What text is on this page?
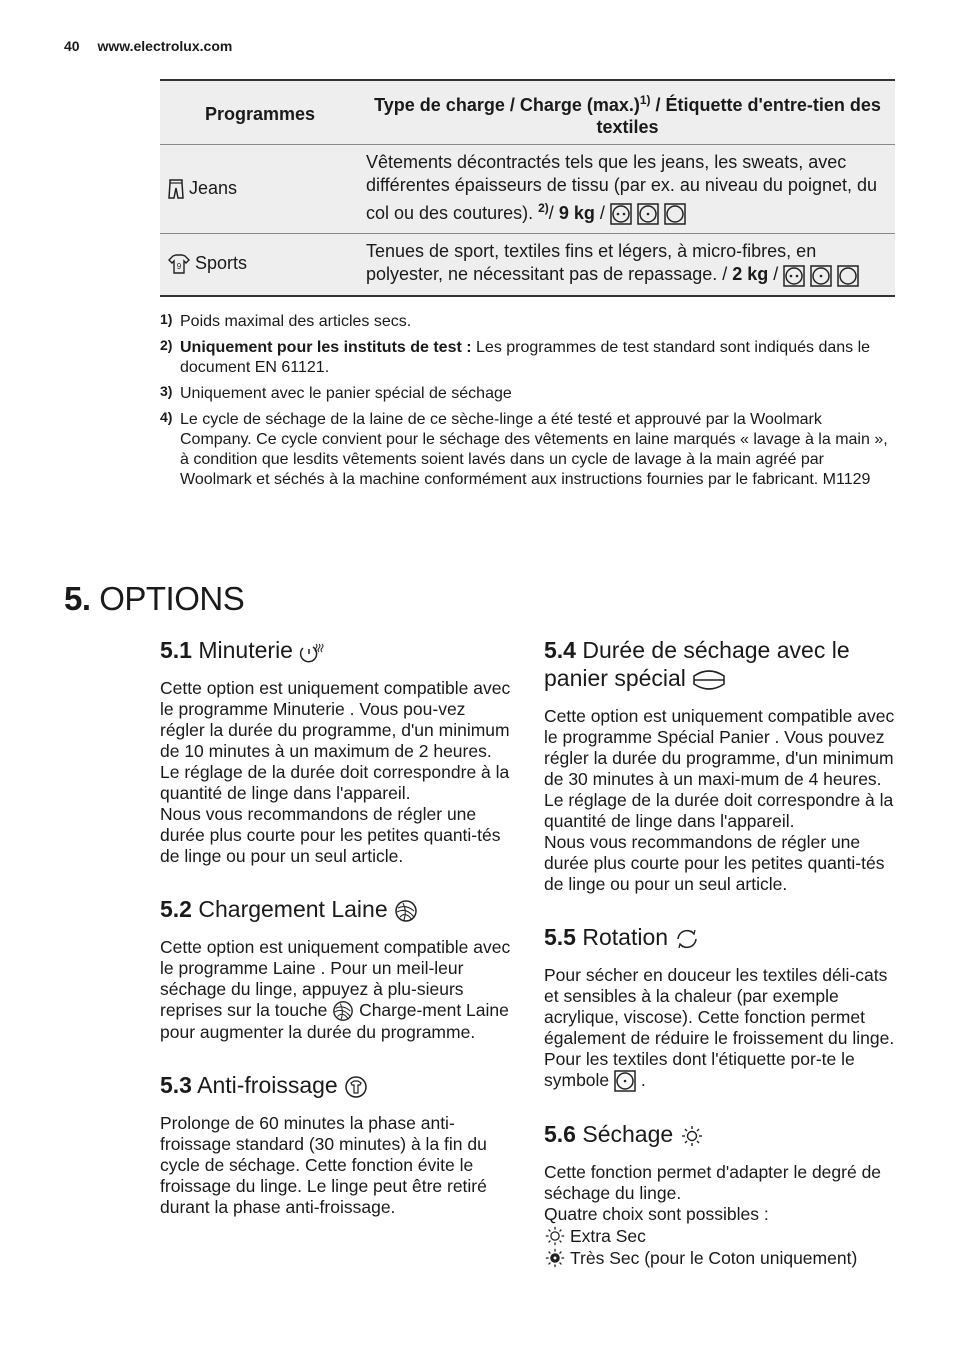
40 www.electrolux.com
Programmes	Type de charge / Charge $(\max.)^{1)}$ / Étiquette d'entre-tien des textiles

Jeans	Vêtements décontractés tels que les jeans, les sweats, avec différentes épaisseurs de tissu (par ex. au niveau du poignet, du col ou des coutures). $^{2)}$/ 9 kg /

9 Sports	Tenues de sport, textiles fins et légers, à micro-fibres, en polyester, ne nécessitant pas de repassage. / 2 kg /

1) Poids maximal des articles secs.
2) Uniquement pour les instituts de test : Les programmes de test standard sont indiqués dans le document EN 61121.
3) Uniquement avec le panier spécial de séchage
4) Le cycle de séchage de la laine de ce sèche-linge a été testé et approuvé par la Woolmark Company. Ce cycle convient pour le séchage des vêtements en laine marqués « lavage à la main », à condition que lesdits vêtements soient lavés dans un cycle de lavage à la main agréé par Woolmark et séchés à la machine conformément aux instructions fournies par le fabricant. M1129
5. OPTIONS
5.1 Minuterie

Cette option est uniquement compatible avec le programme Minuterie . Vous pou-vez régler la durée du programme, d'un minimum de 10 minutes à un maximum de 2 heures. Le réglage de la durée doit correspondre à la quantité de linge dans l'appareil.

Nous vous recommandons de régler une durée plus courte pour les petites quanti-tés de linge ou pour un seul article.

5.2 Chargement Laine

Cette option est uniquement compatible avec le programme Laine . Pour un meil-leur séchage du linge, appuyez à plu-sieurs reprises sur la touche Charge-ment Laine pour augmenter la durée du programme.

5.3 Anti-froissage

Prolonge de 60 minutes la phase anti-froissage standard (30 minutes) à la fin du cycle de séchage. Cette fonction évite le froissage du linge. Le linge peut être retiré durant la phase anti-froissage.

5.4 Durée de séchage avec le panier spécial

Cette option est uniquement compatible avec le programme Spécial Panier . Vous pouvez régler la durée du programme, d'un minimum de 30 minutes à un maxi-mum de 4 heures. Le réglage de la durée doit correspondre à la quantité de linge dans l'appareil.

Nous vous recommandons de régler une durée plus courte pour les petites quanti-tés de linge ou pour un seul article.

5.5 Rotation

Pour sécher en douceur les textiles déli-cats et sensibles à la chaleur (par exemple acrylique, viscose). Cette fonction permet également de réduire le froissement du linge. Pour les textiles dont l'étiquette por-te le symbole .

5.6 Séchage

Cette fonction permet d'adapter le degré de séchage du linge.

Quatre choix sont possibles :

Extra Sec
Très Sec (pour le Coton uniquement)
